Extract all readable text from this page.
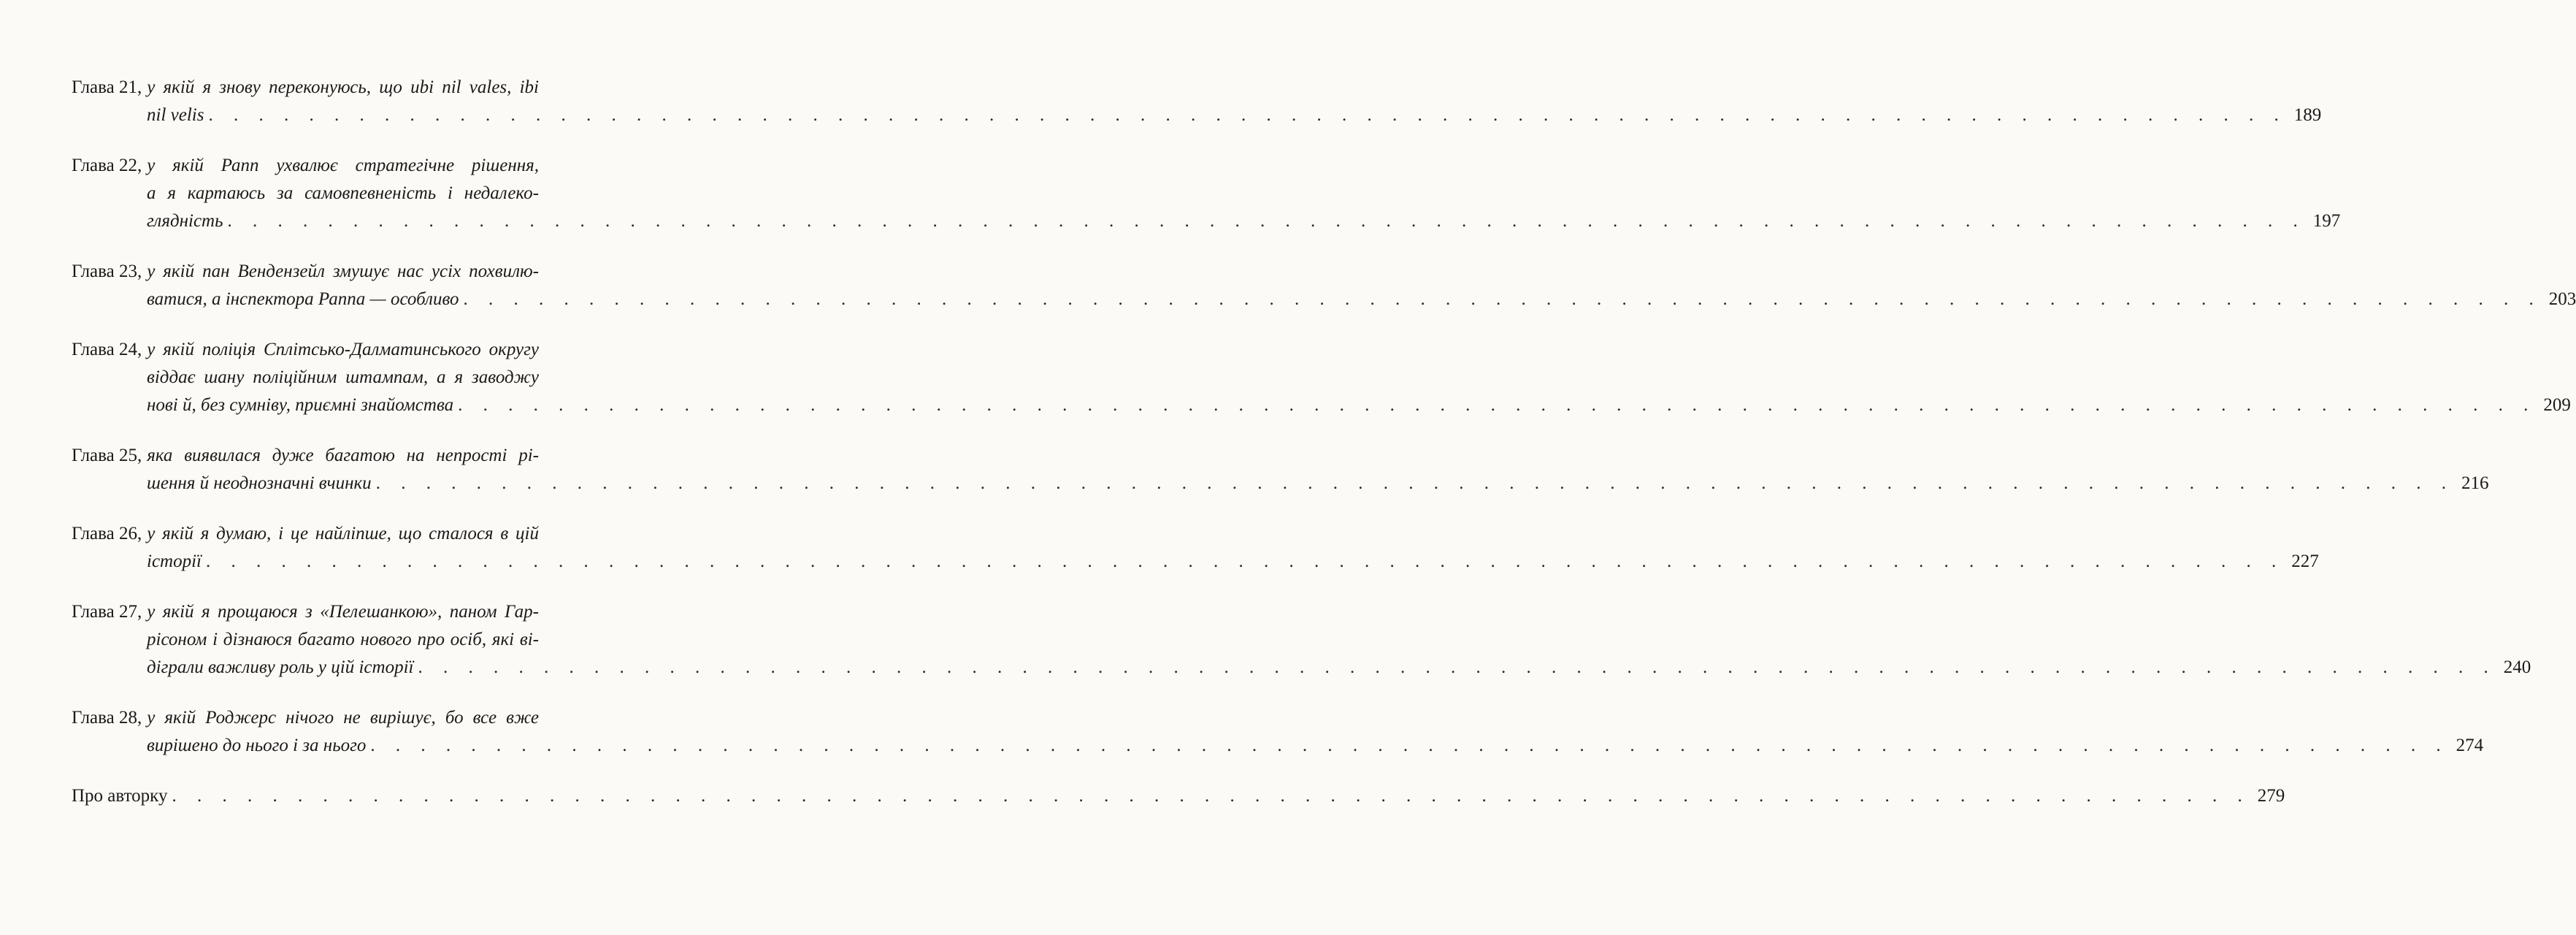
Глава 21, у якій я знову переконуюсь, що ubi nil vales, ibi
nil velis . . . . . . . . . . . . . . . . . . . . . . . . . . . . . . . . . . . . . . . . . . . . . . . . . . . . . . . . . . . . . . . . . . . . . . . . . . . . . . . . . . . 189
Глава 22, у якій Рапп ухвалює стратегічне рішення,
а я картаюсь за самовпевненість і недалеко-
глядність . . . . . . . . . . . . . . . . . . . . . . . . . . . . . . . . . . . . . . . . . . . . . . . . . . . . . . . . . . . . . . . . . . . . . . . . . . . . . . . . . . . 197
Глава 23, у якій пан Вендензейл змушує нас усіх похвилю-
ватися, а інспектора Раппа — особливо . . . . . . . . . . . . . . . . . . . . . . . . . . . . . . . . . . . . . . . . . . . . . . . . . . . . . . . . . . . . . . . . . . . . . . . . . . . . . . . . . . . 203
Глава 24, у якій поліція Сплітсько-Далматинського округу
віддає шану поліційним штампам, а я заводжу
нові й, без сумніву, приємні знайомства . . . . . . . . . . . . . . . . . . . . . . . . . . . . . . . . . . . . . . . . . . . . . . . . . . . . . . . . . . . . . . . . . . . . . . . . . . . . . . . . . . . 209
Глава 25, яка виявилася дуже багатою на непрості рі-
шення й неоднозначні вчинки . . . . . . . . . . . . . . . . . . . . . . . . . . . . . . . . . . . . . . . . . . . . . . . . . . . . . . . . . . . . . . . . . . . . . . . . . . . . . . . . . . . 216
Глава 26, у якій я думаю, і це найліпше, що сталося в цій
історії . . . . . . . . . . . . . . . . . . . . . . . . . . . . . . . . . . . . . . . . . . . . . . . . . . . . . . . . . . . . . . . . . . . . . . . . . . . . . . . . . . . 227
Глава 27, у якій я прощаюся з «Пелешанкою», паном Гар-
рісоном і дізнаюся багато нового про осіб, які ві-
діграли важливу роль у цій історії . . . . . . . . . . . . . . . . . . . . . . . . . . . . . . . . . . . . . . . . . . . . . . . . . . . . . . . . . . . . . . . . . . . . . . . . . . . . . . . . . . . 240
Глава 28, у якій Роджерс нічого не вирішує, бо все вже
вирішено до нього і за нього . . . . . . . . . . . . . . . . . . . . . . . . . . . . . . . . . . . . . . . . . . . . . . . . . . . . . . . . . . . . . . . . . . . . . . . . . . . . . . . . . . . 274
Про авторку . . . . . . . . . . . . . . . . . . . . . . . . . . . . . . . . . . . . . . . . . . . . . . . . . . . . . . . . . . . . . . . . . . . . . . . . . . . . . . . . . . . 279
